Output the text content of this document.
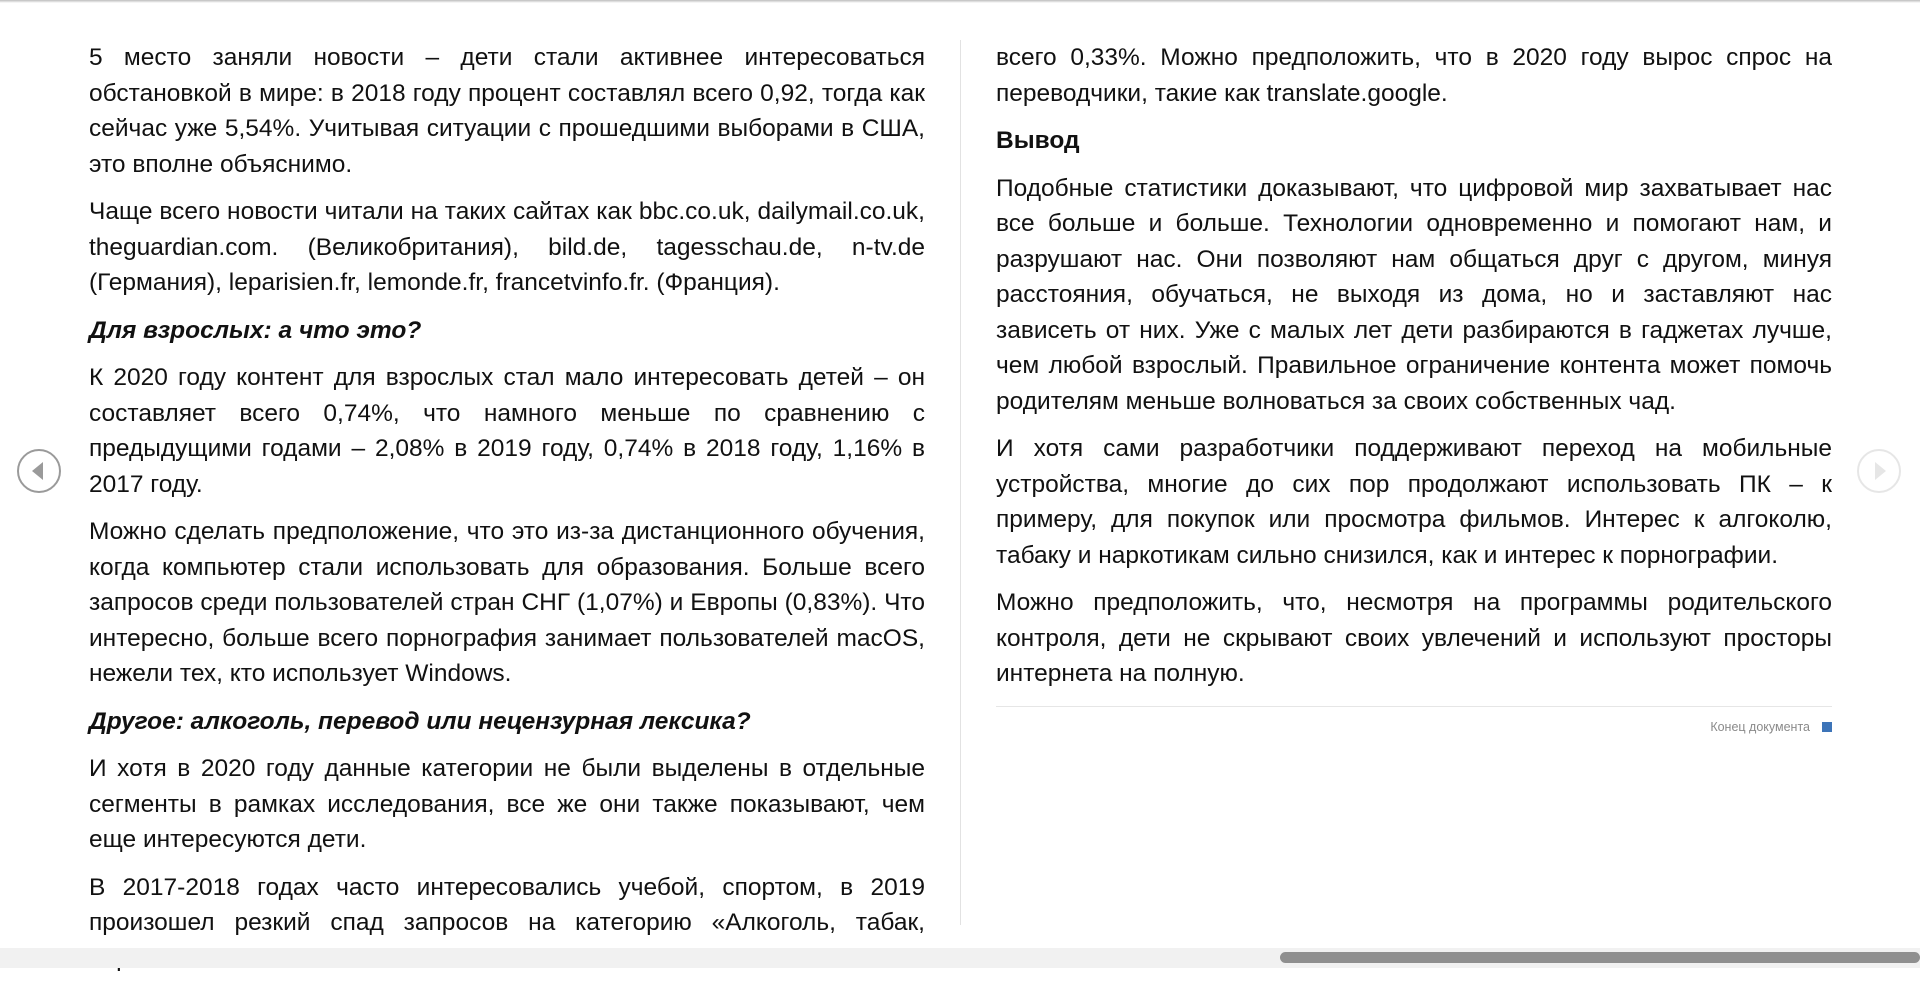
5 место заняли новости – дети стали активнее интересоваться обстановкой в мире: в 2018 году процент составлял всего 0,92, тогда как сейчас уже 5,54%. Учитывая ситуации с прошедшими выборами в США, это вполне объяснимо.

Чаще всего новости читали на таких сайтах как bbc.co.uk, dailymail.co.uk, theguardian.com. (Великобритания), bild.de, tagesschau.de, n-tv.de (Германия), leparisien.fr, lemonde.fr, francetvinfo.fr. (Франция).

Для взрослых: а что это?

К 2020 году контент для взрослых стал мало интересовать детей – он составляет всего 0,74%, что намного меньше по сравнению с предыдущими годами – 2,08% в 2019 году, 0,74% в 2018 году, 1,16% в 2017 году.

Можно сделать предположение, что это из-за дистанционного обучения, когда компьютер стали использовать для образования. Больше всего запросов среди пользователей стран СНГ (1,07%) и Европы (0,83%). Что интересно, больше всего порнография занимает пользователей macOS, нежели тех, кто использует Windows.

Другое: алкоголь, перевод или нецензурная лексика?

И хотя в 2020 году данные категории не были выделены в отдельные сегменты в рамках исследования, все же они также показывают, чем еще интересуются дети.

В 2017-2018 годах часто интересовались учебой, спортом, в 2019 произошел резкий спад запросов на категорию «Алкоголь, табак,

всего 0,33%. Можно предположить, что в 2020 году вырос спрос на переводчики, такие как translate.google.

Вывод

Подобные статистики доказывают, что цифровой мир захватывает нас все больше и больше. Технологии одновременно и помогают нам, и разрушают нас. Они позволяют нам общаться друг с другом, минуя расстояния, обучаться, не выходя из дома, но и заставляют нас зависеть от них. Уже с малых лет дети разбираются в гаджетах лучше, чем любой взрослый. Правильное ограничение контента может помочь родителям меньше волноваться за своих собственных чад.

И хотя сами разработчики поддерживают переход на мобильные устройства, многие до сих пор продолжают использовать ПК – к примеру, для покупок или просмотра фильмов. Интерес к алгоколю, табаку и наркотикам сильно снизился, как и интерес к порнографии.

Можно предположить, что, несмотря на программы родительского контроля, дети не скрывают своих увлечений и используют просторы интернета на полную.

Конец документа
